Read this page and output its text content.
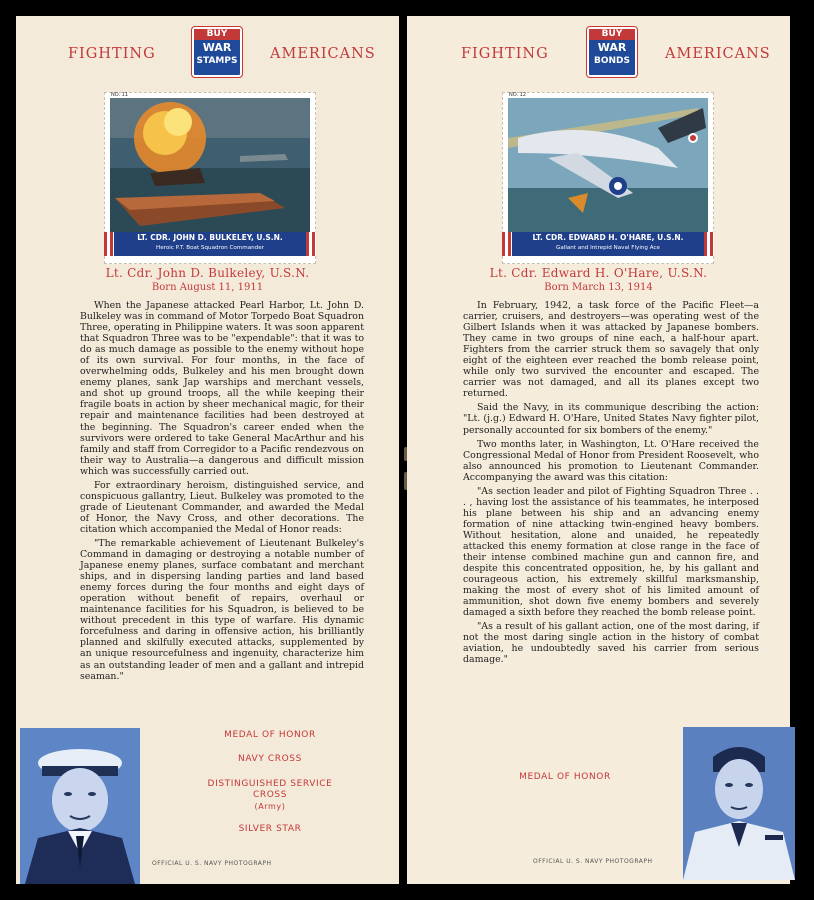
FIGHTING
BUY
WAR
STAMPS AMERICANS
NO. 11
LT. CDR. JOHN D. BULKELEY, U.S.N.
Heroic P.T. Boat Squadron Commander
Lt. Cdr. John D. Bulkeley, U.S.N.
Born August 11, 1911

When the Japanese attacked Pearl Harbor, Lt. John D. Bulkeley was in command of Motor Torpedo Boat Squadron Three, operating in Philippine waters. It was soon apparent that Squadron Three was to be "expendable": that it was to do as much damage as possible to the enemy without hope of its own survival. For four months, in the face of overwhelming odds, Bulkeley and his men brought down enemy planes, sank Jap warships and merchant vessels, and shot up ground troops, all the while keeping their fragile boats in action by sheer mechanical magic, for their repair and maintenance facilities had been destroyed at the beginning. The Squadron's career ended when the survivors were ordered to take General MacArthur and his family and staff from Corregidor to a Pacific rendezvous on their way to Australia—a dangerous and difficult mission which was successfully carried out.

For extraordinary heroism, distinguished service, and conspicuous gallantry, Lieut. Bulkeley was promoted to the grade of Lieutenant Commander, and awarded the Medal of Honor, the Navy Cross, and other decorations. The citation which accompanied the Medal of Honor reads:

"The remarkable achievement of Lieutenant Bulkeley's Command in damaging or destroying a notable number of Japanese enemy planes, surface combatant and merchant ships, and in dispersing landing parties and land based enemy forces during the four months and eight days of operation without benefit of repairs, overhaul or maintenance facilities for his Squadron, is believed to be without precedent in this type of warfare. His dynamic forcefulness and daring in offensive action, his brilliantly planned and skilfully executed attacks, supplemented by an unique resourcefulness and ingenuity, characterize him as an outstanding leader of men and a gallant and intrepid seaman."

MEDAL OF HONOR
NAVY CROSS
DISTINGUISHED SERVICE CROSS
(Army)
SILVER STAR
OFFICIAL U. S. NAVY PHOTOGRAPH
FIGHTING
BUY
WAR
BONDS	AMERICANS
NO. 12
LT. CDR. EDWARD H. O'HARE, U.S.N.
Gallant and Intrepid Naval Flying Ace
Lt. Cdr. Edward H. O'Hare, U.S.N.
Born March 13, 1914

In February, 1942, a task force of the Pacific Fleet—a carrier, cruisers, and destroyers—was operating west of the Gilbert Islands when it was attacked by Japanese bombers. They came in two groups of nine each, a half-hour apart. Fighters from the carrier struck them so savagely that only eight of the eighteen ever reached the bomb release point, while only two survived the encounter and escaped. The carrier was not damaged, and all its planes except two returned.

Said the Navy, in its communique describing the action: "Lt. (j.g.) Edward H. O'Hare, United States Navy fighter pilot, personally accounted for six bombers of the enemy."

Two months later, in Washington, Lt. O'Hare received the Congressional Medal of Honor from President Roosevelt, who also announced his promotion to Lieutenant Commander. Accompanying the award was this citation:

"As section leader and pilot of Fighting Squadron Three . . . , having lost the assistance of his teammates, he interposed his plane between his ship and an advancing enemy formation of nine attacking twin-engined heavy bombers. Without hesitation, alone and unaided, he repeatedly attacked this enemy formation at close range in the face of their intense combined machine gun and cannon fire, and despite this concentrated opposition, he, by his gallant and courageous action, his extremely skillful marksmanship, making the most of every shot of his limited amount of ammunition, shot down five enemy bombers and severely damaged a sixth before they reached the bomb release point.

"As a result of his gallant action, one of the most daring, if not the most daring single action in the history of combat aviation, he undoubtedly saved his carrier from serious damage."

MEDAL OF HONOR
OFFICIAL U. S. NAVY PHOTOGRAPH
